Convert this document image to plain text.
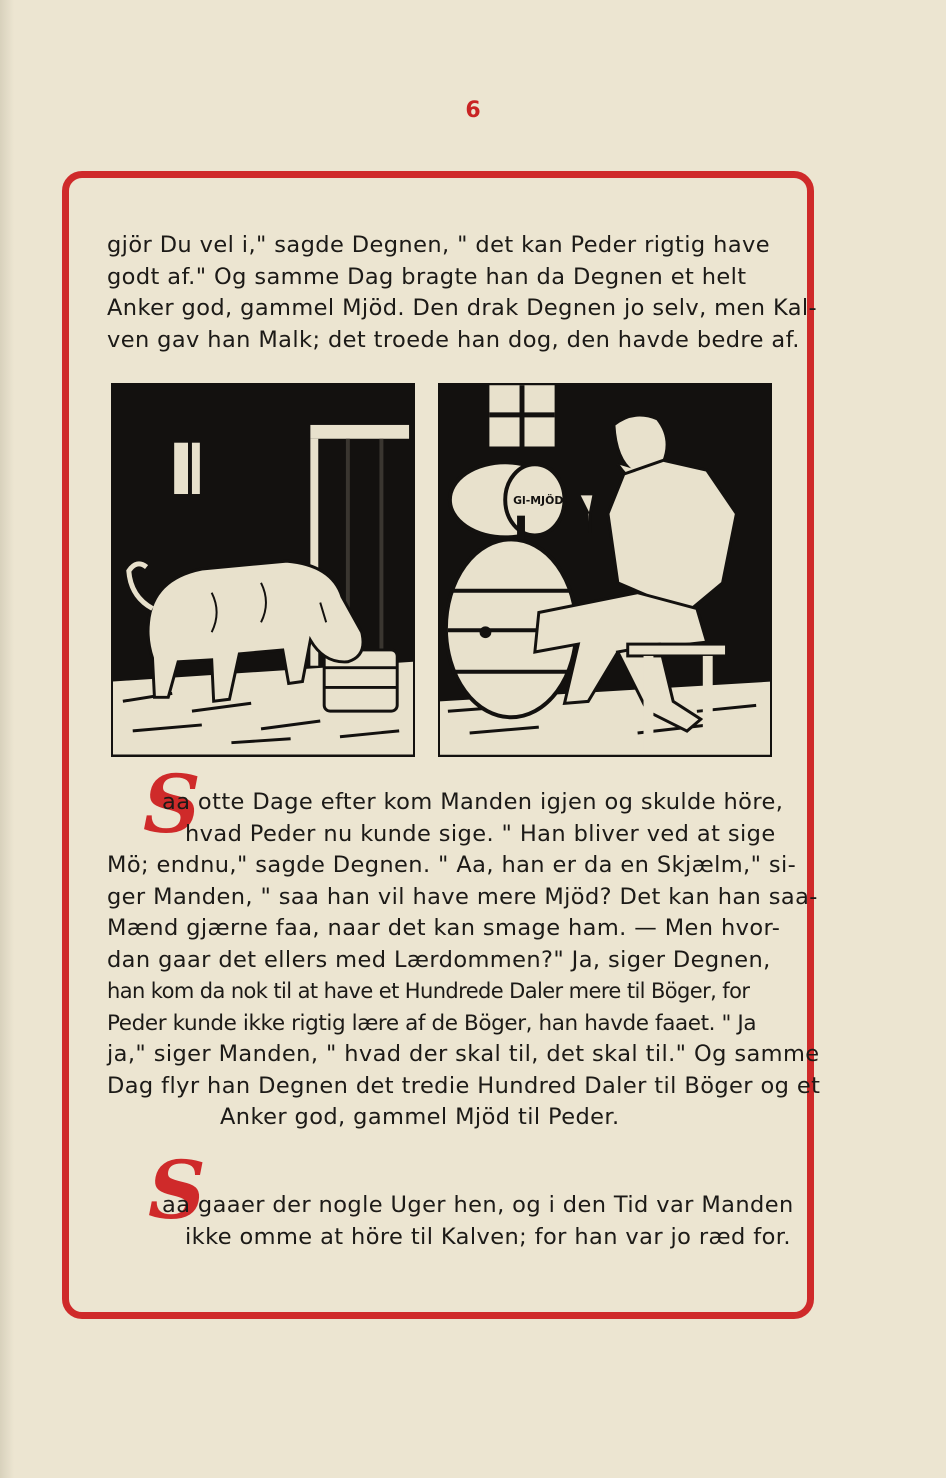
6
gjör Du vel i," sagde Degnen, " det kan Peder rigtig have
godt af." Og samme Dag bragte han da Degnen et helt
Anker god, gammel Mjöd. Den drak Degnen jo selv, men Kal-
ven gav han Malk; det troede han dog, den havde bedre af.
Gl-MJÖD.
S
aa otte Dage efter kom Manden igjen og skulde höre,
hvad Peder nu kunde sige. " Han bliver ved at sige
Mö; endnu," sagde Degnen. " Aa, han er da en Skjælm," si-
ger Manden, " saa han vil have mere Mjöd? Det kan han saa-
Mænd gjærne faa, naar det kan smage ham. — Men hvor-
dan gaar det ellers med Lærdommen?" Ja, siger Degnen,
han kom da nok til at have et Hundrede Daler mere til Böger, for
Peder kunde ikke rigtig lære af de Böger, han havde faaet. " Ja
ja," siger Manden, " hvad der skal til, det skal til." Og samme
Dag flyr han Degnen det tredie Hundred Daler til Böger og et
Anker god, gammel Mjöd til Peder.
S
aa gaaer der nogle Uger hen, og i den Tid var Manden
ikke omme at höre til Kalven; for han var jo ræd for.
